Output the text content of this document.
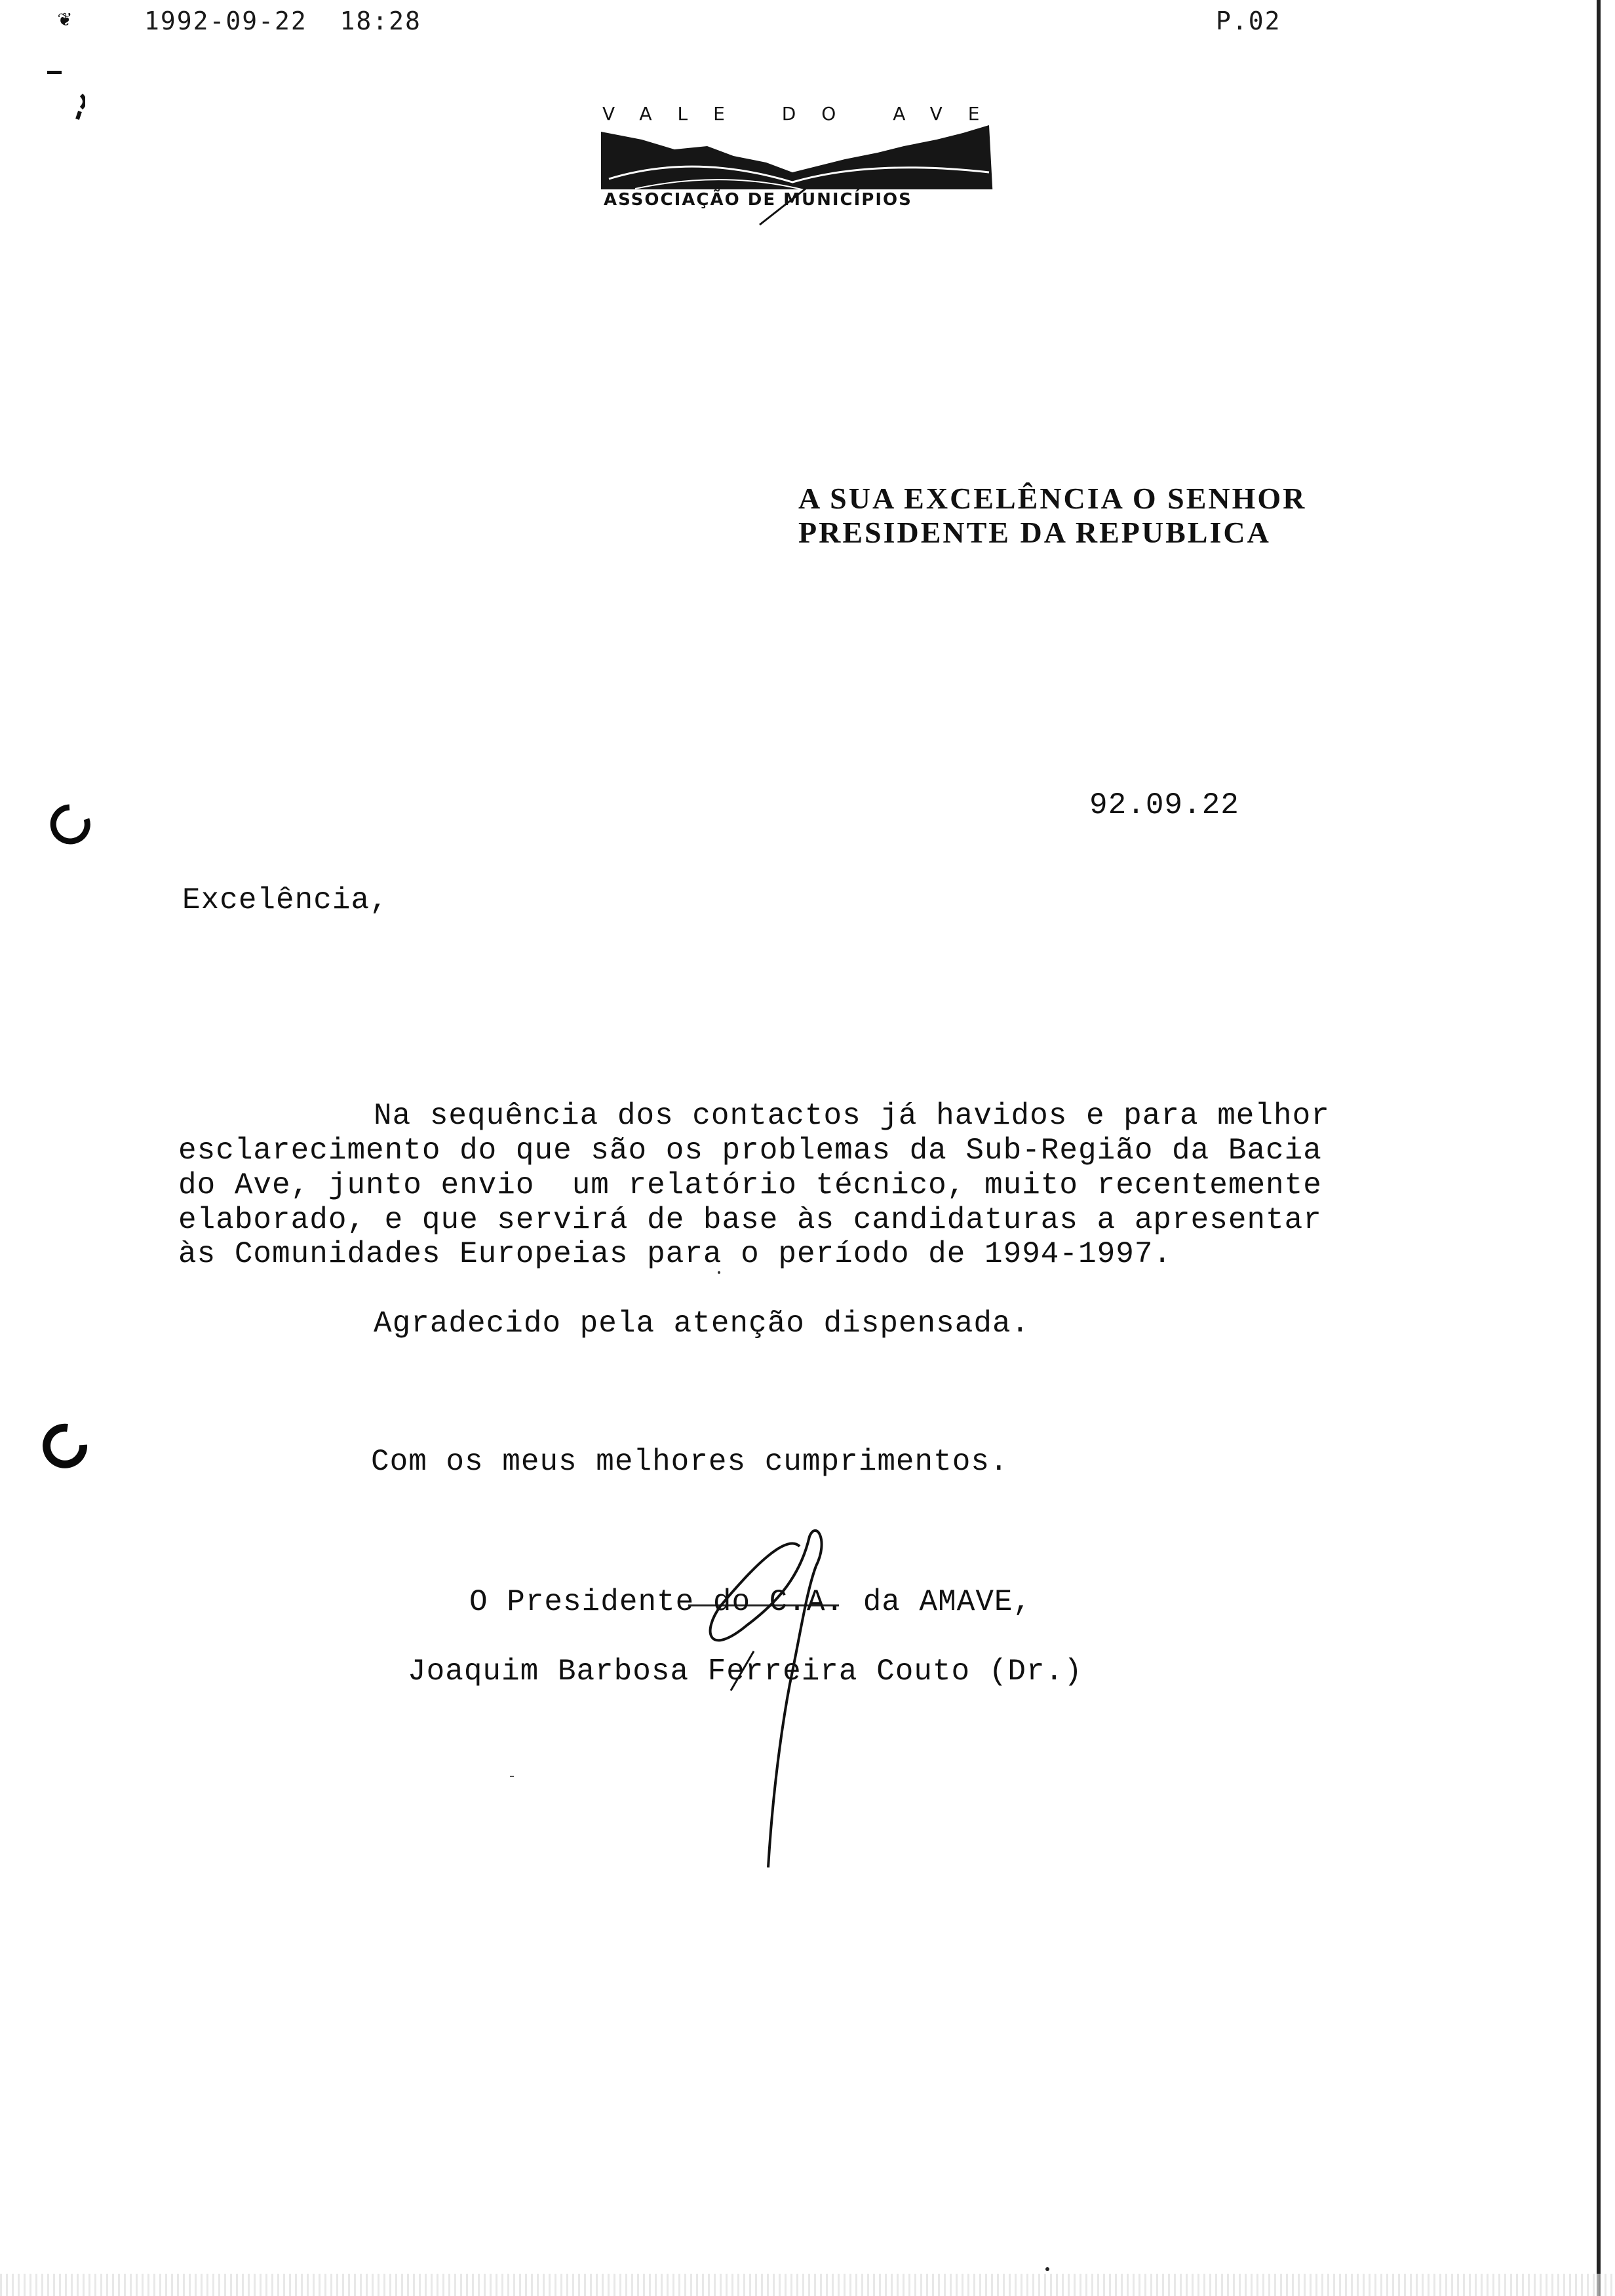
❦	1992-09-22  18:28	P.02

VALE DO AVE
ASSOCIAÇÃO DE MUNICÍPIOS

A SUA EXCELÊNCIA O SENHOR
PRESIDENTE DA REPUBLICA
92.09.22
Excelência,
Na sequência dos contactos já havidos e para melhor
esclarecimento do que são os problemas da Sub-Região da Bacia
do Ave, junto envio  um relatório técnico, muito recentemente
elaborado, e que servirá de base às candidaturas a apresentar
às Comunidades Europeias para o período de 1994-1997.
Agradecido pela atenção dispensada.
Com os meus melhores cumprimentos.
O Presidente do C.A. da AMAVE,
Joaquim Barbosa Ferreira Couto (Dr.)
